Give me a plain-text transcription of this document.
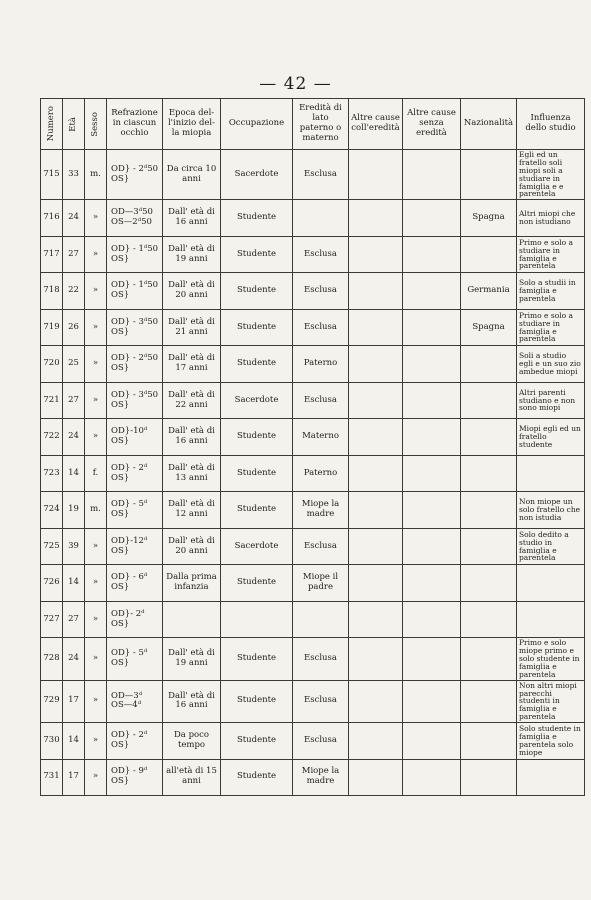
— 42 —
Numero	Età	Sesso	Refrazione in ciascun occhio	Epoca del- l'inizio del- la miopia	Occupazione	Eredità di lato paterno o materno	Altre cause coll'eredità	Altre cause senza eredità	Nazionalità	Influenza dello studio
715	33	m.	OD} - 2ᵈ50
OS}	Da circa 10 anni	Sacerdote	Esclusa				Egli ed un fratello soli miopi soli a studiare in famiglia e e parentela
716	24	»	OD—3ᵈ50
OS—2ᵈ50	Dall' età di 16 anni	Studente				Spagna	Altri miopi che non istudiano
717	27	»	OD} - 1ᵈ50
OS}	Dall' età di 19 anni	Studente	Esclusa				Primo e solo a studiare in famiglia e parentela
718	22	»	OD} - 1ᵈ50
OS}	Dall' età di 20 anni	Studente	Esclusa			Germania	Solo a studii in famiglia e parentela
719	26	»	OD} - 3ᵈ50
OS}	Dall' età di 21 anni	Studente	Esclusa			Spagna	Primo e solo a studiare in famiglia e parentela
720	25	»	OD} - 2ᵈ50
OS}	Dall' età di 17 anni	Studente	Paterno				Soli a studio egli e un suo zio ambedue miopi
721	27	»	OD} - 3ᵈ50
OS}	Dall' età di 22 anni	Sacerdote	Esclusa				Altri parenti studiano e non sono miopi
722	24	»	OD}-10ᵈ
OS}	Dall' età di 16 anni	Studente	Materno				Miopi egli ed un fratello studente
723	14	f.	OD} - 2ᵈ
OS}	Dall' età di 13 anni	Studente	Paterno				
724	19	m.	OD} - 5ᵈ
OS}	Dall' età di 12 anni	Studente	Miope la madre				Non miope un solo fratello che non istudia
725	39	»	OD}-12ᵈ
OS}	Dall' età di 20 anni	Sacerdote	Esclusa				Solo dedito a studio in famiglia e parentela
726	14	»	OD} - 6ᵈ
OS}	Dalla prima infanzia	Studente	Miope il padre				
727	27	»	OD}- 2ᵈ
OS}							
728	24	»	OD} - 5ᵈ
OS}	Dall' età di 19 anni	Studente	Esclusa				Primo e solo miope primo e solo studente in famiglia e parentela
729	17	»	OD—3ᵈ
OS—4ᵈ	Dall' età di 16 anni	Studente	Esclusa				Non altri miopi parecchi studenti in famiglia e parentela
730	14	»	OD} - 2ᵈ
OS}	Da poco tempo	Studente	Esclusa				Solo studente in famiglia e parentela solo miope
731	17	»	OD} - 9ᵈ
OS}	all'età di 15 anni	Studente	Miope la madre				
